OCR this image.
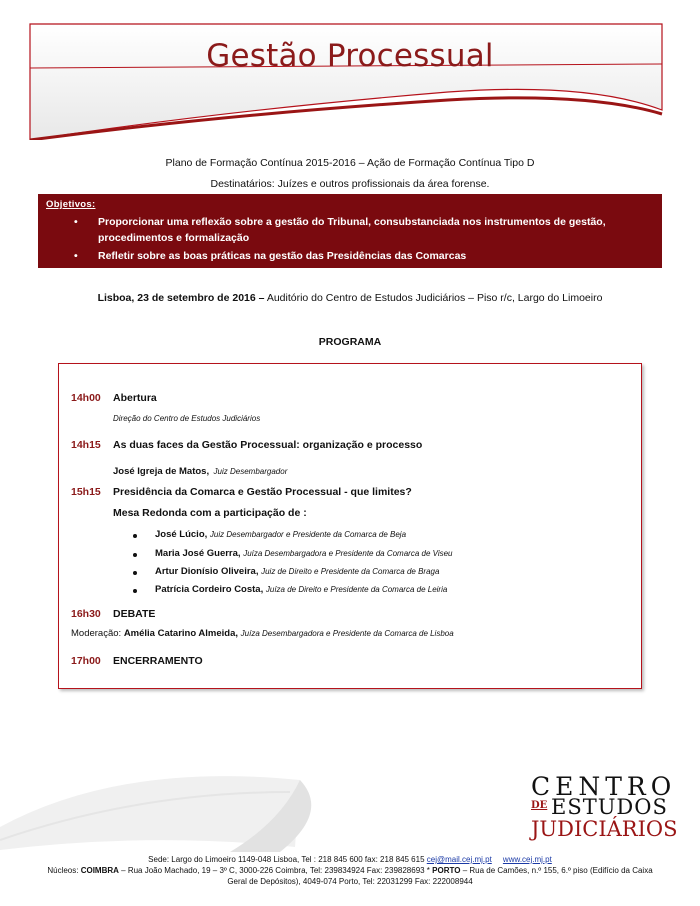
Gestão Processual
Plano de Formação Contínua 2015-2016 – Ação de Formação Contínua Tipo D
Destinatários: Juízes e outros profissionais da área forense.
Objetivos:
• Proporcionar uma reflexão sobre a gestão do Tribunal, consubstanciada nos instrumentos de gestão, procedimentos e formalização
• Refletir sobre as boas práticas na gestão das Presidências das Comarcas
Lisboa, 23 de setembro de 2016 – Auditório do Centro de Estudos Judiciários – Piso r/c, Largo do Limoeiro
PROGRAMA
14h00 Abertura
Direção do Centro de Estudos Judiciários
14h15 As duas faces da Gestão Processual: organização e processo
José Igreja de Matos, Juiz Desembargador
15h15 Presidência da Comarca e Gestão Processual - que limites?
Mesa Redonda com a participação de :
José Lúcio, Juiz Desembargador e Presidente da Comarca de Beja
Maria José Guerra, Juíza Desembargadora e Presidente da Comarca de Viseu
Artur Dionísio Oliveira, Juiz de Direito e Presidente da Comarca de Braga
Patrícia Cordeiro Costa, Juíza de Direito e Presidente da Comarca de Leiria
16h30 DEBATE
Moderação: Amélia Catarino Almeida, Juíza Desembargadora e Presidente da Comarca de Lisboa
17h00 ENCERRAMENTO
CENTRO
DE ESTUDOS
JUDICIÁRIOS
Sede: Largo do Limoeiro 1149-048 Lisboa, Tel : 218 845 600 fax: 218 845 615 cej@mail.cej.mj.pt www.cej.mj.pt
Núcleos: COIMBRA – Rua João Machado, 19 – 3º C, 3000-226 Coimbra, Tel: 239834924 Fax: 239828693 * PORTO – Rua de Camões, n.º 155, 6.º piso (Edifício da Caixa
Geral de Depósitos), 4049-074 Porto, Tel: 22031299 Fax: 222008944
